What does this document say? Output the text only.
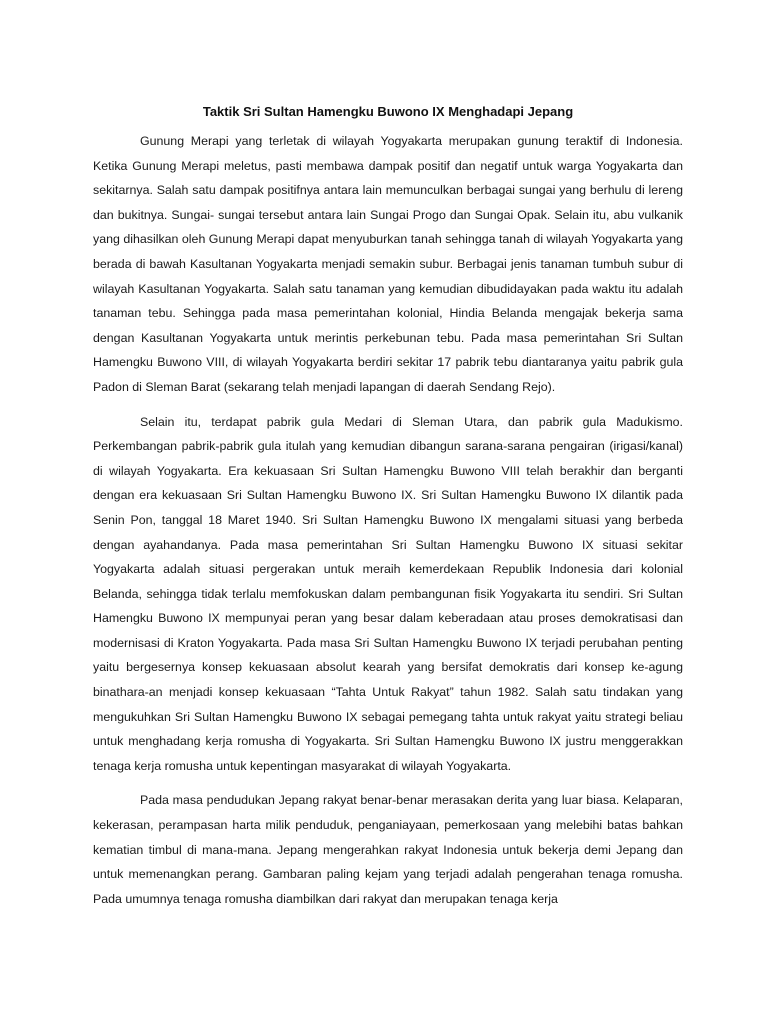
Taktik Sri Sultan Hamengku Buwono IX Menghadapi Jepang

Gunung Merapi yang terletak di wilayah Yogyakarta merupakan gunung teraktif di Indonesia. Ketika Gunung Merapi meletus, pasti membawa dampak positif dan negatif untuk warga Yogyakarta dan sekitarnya. Salah satu dampak positifnya antara lain memunculkan berbagai sungai yang berhulu di lereng dan bukitnya. Sungai- sungai tersebut antara lain Sungai Progo dan Sungai Opak. Selain itu, abu vulkanik yang dihasilkan oleh Gunung Merapi dapat menyuburkan tanah sehingga tanah di wilayah Yogyakarta yang berada di bawah Kasultanan Yogyakarta menjadi semakin subur. Berbagai jenis tanaman tumbuh subur di wilayah Kasultanan Yogyakarta. Salah satu tanaman yang kemudian dibudidayakan pada waktu itu adalah tanaman tebu. Sehingga pada masa pemerintahan kolonial, Hindia Belanda mengajak bekerja sama dengan Kasultanan Yogyakarta untuk merintis perkebunan tebu. Pada masa pemerintahan Sri Sultan Hamengku Buwono VIII, di wilayah Yogyakarta berdiri sekitar 17 pabrik tebu diantaranya yaitu pabrik gula Padon di Sleman Barat (sekarang telah menjadi lapangan di daerah Sendang Rejo).

Selain itu, terdapat pabrik gula Medari di Sleman Utara, dan pabrik gula Madukismo. Perkembangan pabrik-pabrik gula itulah yang kemudian dibangun sarana-sarana pengairan (irigasi/kanal) di wilayah Yogyakarta. Era kekuasaan Sri Sultan Hamengku Buwono VIII telah berakhir dan berganti dengan era kekuasaan Sri Sultan Hamengku Buwono IX. Sri Sultan Hamengku Buwono IX dilantik pada Senin Pon, tanggal 18 Maret 1940. Sri Sultan Hamengku Buwono IX mengalami situasi yang berbeda dengan ayahandanya. Pada masa pemerintahan Sri Sultan Hamengku Buwono IX situasi sekitar Yogyakarta adalah situasi pergerakan untuk meraih kemerdekaan Republik Indonesia dari kolonial Belanda, sehingga tidak terlalu memfokuskan dalam pembangunan fisik Yogyakarta itu sendiri. Sri Sultan Hamengku Buwono IX mempunyai peran yang besar dalam keberadaan atau proses demokratisasi dan modernisasi di Kraton Yogyakarta. Pada masa Sri Sultan Hamengku Buwono IX terjadi perubahan penting yaitu bergesernya konsep kekuasaan absolut kearah yang bersifat demokratis dari konsep ke-agung binathara-an menjadi konsep kekuasaan “Tahta Untuk Rakyat” tahun 1982. Salah satu tindakan yang mengukuhkan Sri Sultan Hamengku Buwono IX sebagai pemegang tahta untuk rakyat yaitu strategi beliau untuk menghadang kerja romusha di Yogyakarta. Sri Sultan Hamengku Buwono IX justru menggerakkan tenaga kerja romusha untuk kepentingan masyarakat di wilayah Yogyakarta.

Pada masa pendudukan Jepang rakyat benar-benar merasakan derita yang luar biasa. Kelaparan, kekerasan, perampasan harta milik penduduk, penganiayaan, pemerkosaan yang melebihi batas bahkan kematian timbul di mana-mana. Jepang mengerahkan rakyat Indonesia untuk bekerja demi Jepang dan untuk memenangkan perang. Gambaran paling kejam yang terjadi adalah pengerahan tenaga romusha. Pada umumnya tenaga romusha diambilkan dari rakyat dan merupakan tenaga kerja
